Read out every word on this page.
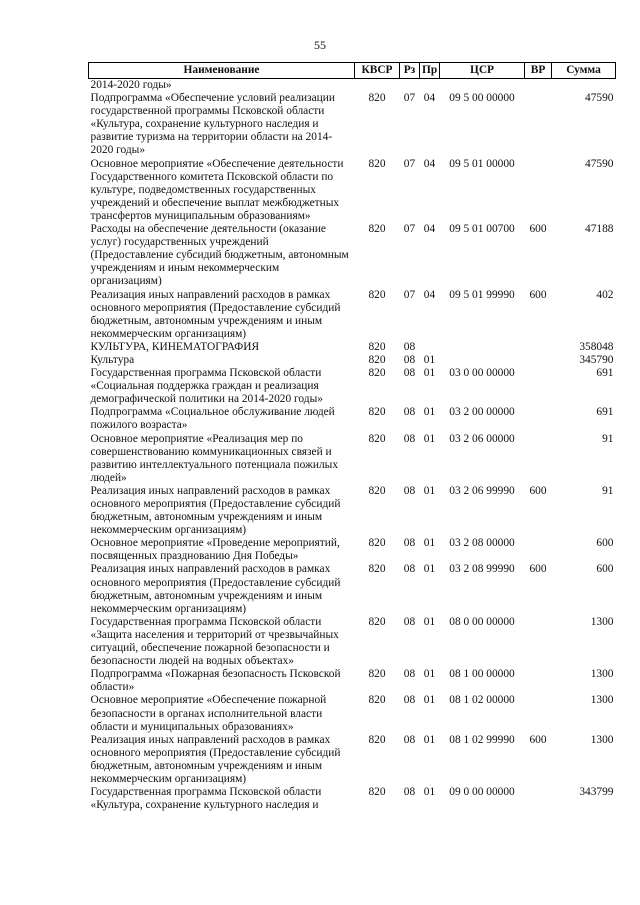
55
Наименование	КВСР	Рз	Пр	ЦСР	ВР	Сумма
2014-2020 годы»						
Подпрограмма «Обеспечение условий реализации государственной программы Псковской области «Культура, сохранение культурного наследия и развитие туризма на территории области на 2014-2020 годы»	820	07	04	09 5 00 00000		47590
Основное мероприятие «Обеспечение деятельности Государственного комитета Псковской области по культуре, подведомственных государственных учреждений и обеспечение выплат межбюджетных трансфертов муниципальным образованиям»	820	07	04	09 5 01 00000		47590
Расходы на обеспечение деятельности (оказание услуг) государственных учреждений (Предоставление субсидий бюджетным, автономным учреждениям и иным некоммерческим организациям)	820	07	04	09 5 01 00700	600	47188
Реализация иных направлений расходов в рамках основного мероприятия (Предоставление субсидий бюджетным, автономным учреждениям и иным некоммерческим организациям)	820	07	04	09 5 01 99990	600	402
КУЛЬТУРА, КИНЕМАТОГРАФИЯ	820	08				358048
Культура	820	08	01			345790
Государственная программа Псковской области «Социальная поддержка граждан и реализация демографической политики на 2014-2020 годы»	820	08	01	03 0 00 00000		691
Подпрограмма «Социальное обслуживание людей пожилого возраста»	820	08	01	03 2 00 00000		691
Основное мероприятие «Реализация мер по совершенствованию коммуникационных связей и развитию интеллектуального потенциала пожилых людей»	820	08	01	03 2 06 00000		91
Реализация иных направлений расходов в рамках основного мероприятия (Предоставление субсидий бюджетным, автономным учреждениям и иным некоммерческим организациям)	820	08	01	03 2 06 99990	600	91
Основное мероприятие «Проведение мероприятий, посвященных празднованию Дня Победы»	820	08	01	03 2 08 00000		600
Реализация иных направлений расходов в рамках основного мероприятия (Предоставление субсидий бюджетным, автономным учреждениям и иным некоммерческим организациям)	820	08	01	03 2 08 99990	600	600
Государственная программа Псковской области «Защита населения и территорий от чрезвычайных ситуаций, обеспечение пожарной безопасности и безопасности людей на водных объектах»	820	08	01	08 0 00 00000		1300
Подпрограмма «Пожарная безопасность Псковской области»	820	08	01	08 1 00 00000		1300
Основное мероприятие «Обеспечение пожарной безопасности в органах исполнительной власти области и муниципальных образованиях»	820	08	01	08 1 02 00000		1300
Реализация иных направлений расходов в рамках основного мероприятия (Предоставление субсидий бюджетным, автономным учреждениям и иным некоммерческим организациям)	820	08	01	08 1 02 99990	600	1300
Государственная программа Псковской области «Культура, сохранение культурного наследия и	820	08	01	09 0 00 00000		343799
